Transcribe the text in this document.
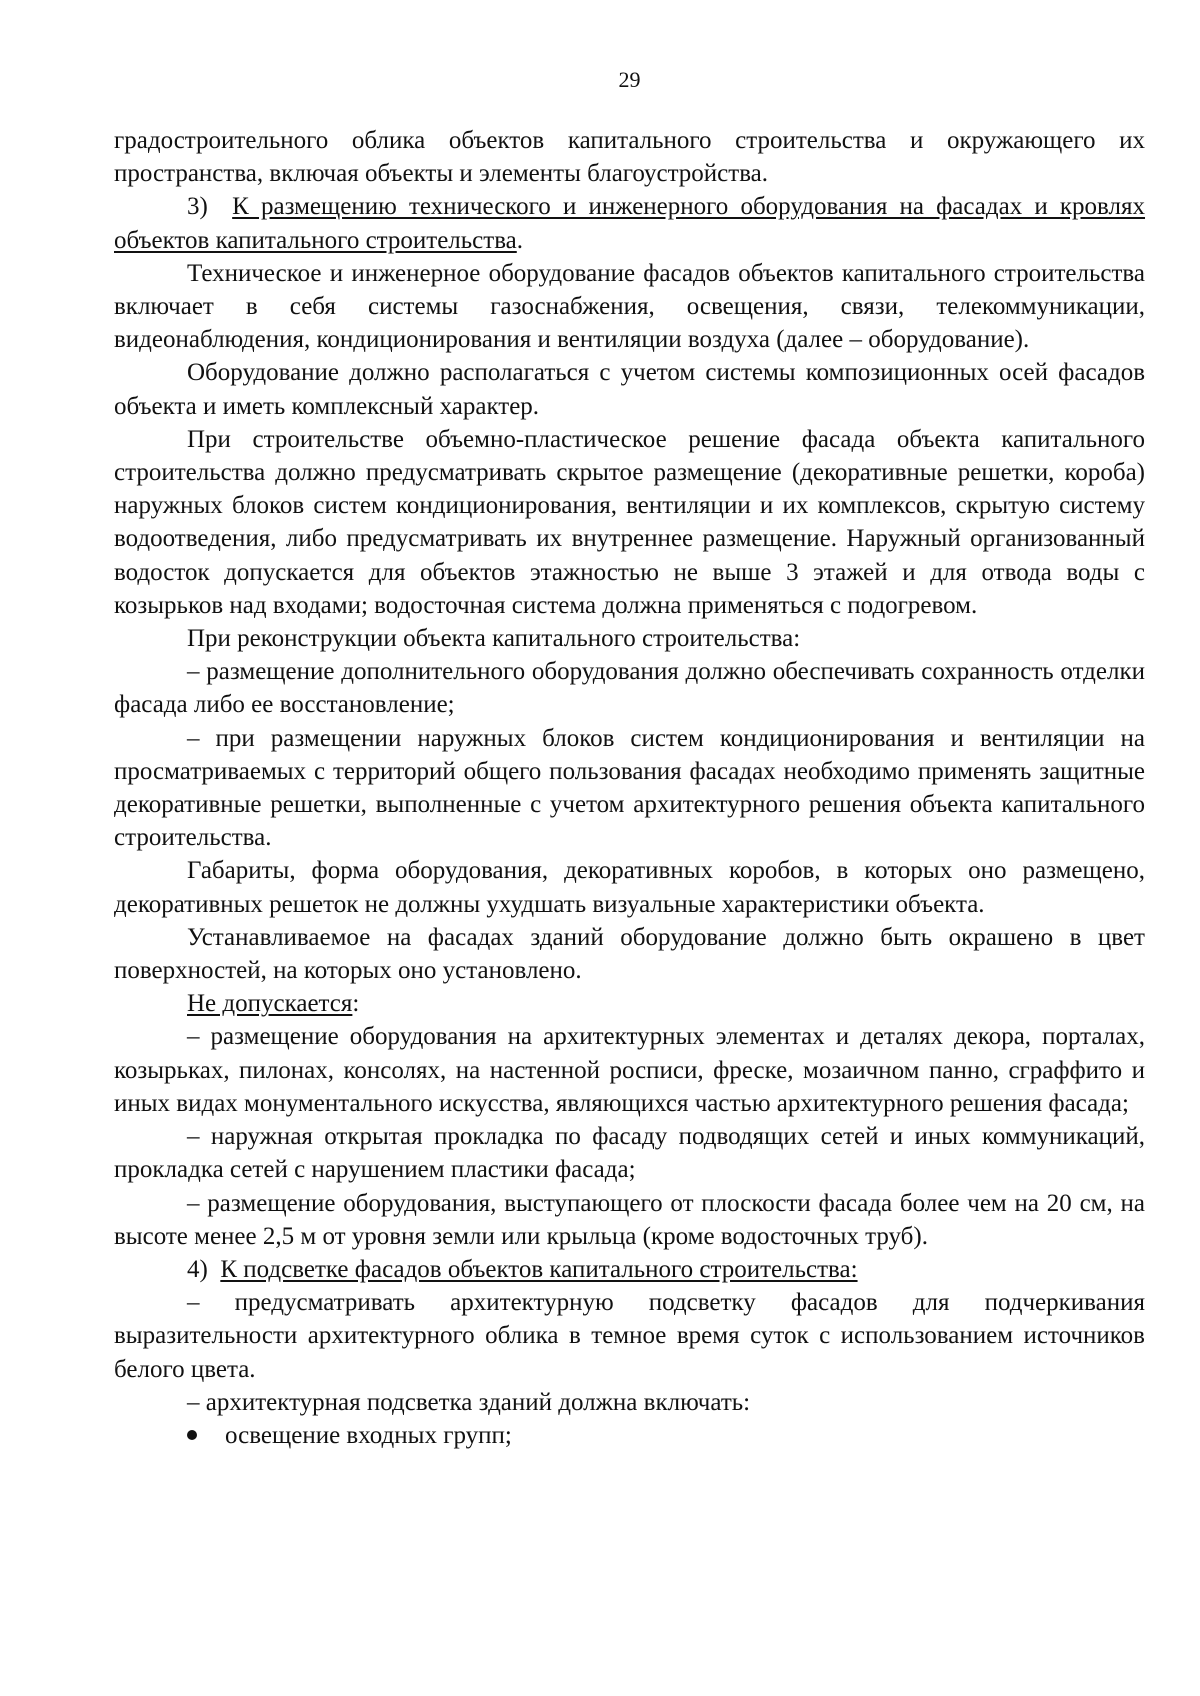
29

градостроительного облика объектов капитального строительства и окружающего их пространства, включая объекты и элементы благоустройства.

3) К размещению технического и инженерного оборудования на фасадах и кровлях объектов капитального строительства.

Техническое и инженерное оборудование фасадов объектов капитального строительства включает в себя системы газоснабжения, освещения, связи, телекоммуникации, видеонаблюдения, кондиционирования и вентиляции воздуха (далее – оборудование).

Оборудование должно располагаться с учетом системы композиционных осей фасадов объекта и иметь комплексный характер.

При строительстве объемно-пластическое решение фасада объекта капитального строительства должно предусматривать скрытое размещение (декоративные решетки, короба) наружных блоков систем кондиционирования, вентиляции и их комплексов, скрытую систему водоотведения, либо предусматривать их внутреннее размещение. Наружный организованный водосток допускается для объектов этажностью не выше 3 этажей и для отвода воды с козырьков над входами; водосточная система должна применяться с подогревом.

При реконструкции объекта капитального строительства:

– размещение дополнительного оборудования должно обеспечивать сохранность отделки фасада либо ее восстановление;

– при размещении наружных блоков систем кондиционирования и вентиляции на просматриваемых с территорий общего пользования фасадах необходимо применять защитные декоративные решетки, выполненные с учетом архитектурного решения объекта капитального строительства.

Габариты, форма оборудования, декоративных коробов, в которых оно размещено, декоративных решеток не должны ухудшать визуальные характеристики объекта.

Устанавливаемое на фасадах зданий оборудование должно быть окрашено в цвет поверхностей, на которых оно установлено.

Не допускается:

– размещение оборудования на архитектурных элементах и деталях декора, порталах, козырьках, пилонах, консолях, на настенной росписи, фреске, мозаичном панно, сграффито и иных видах монументального искусства, являющихся частью архитектурного решения фасада;

– наружная открытая прокладка по фасаду подводящих сетей и иных коммуникаций, прокладка сетей с нарушением пластики фасада;

– размещение оборудования, выступающего от плоскости фасада более чем на 20 см, на высоте менее 2,5 м от уровня земли или крыльца (кроме водосточных труб).

4) К подсветке фасадов объектов капитального строительства:

– предусматривать архитектурную подсветку фасадов для подчеркивания выразительности архитектурного облика в темное время суток с использованием источников белого цвета.

– архитектурная подсветка зданий должна включать:

освещение входных групп;
